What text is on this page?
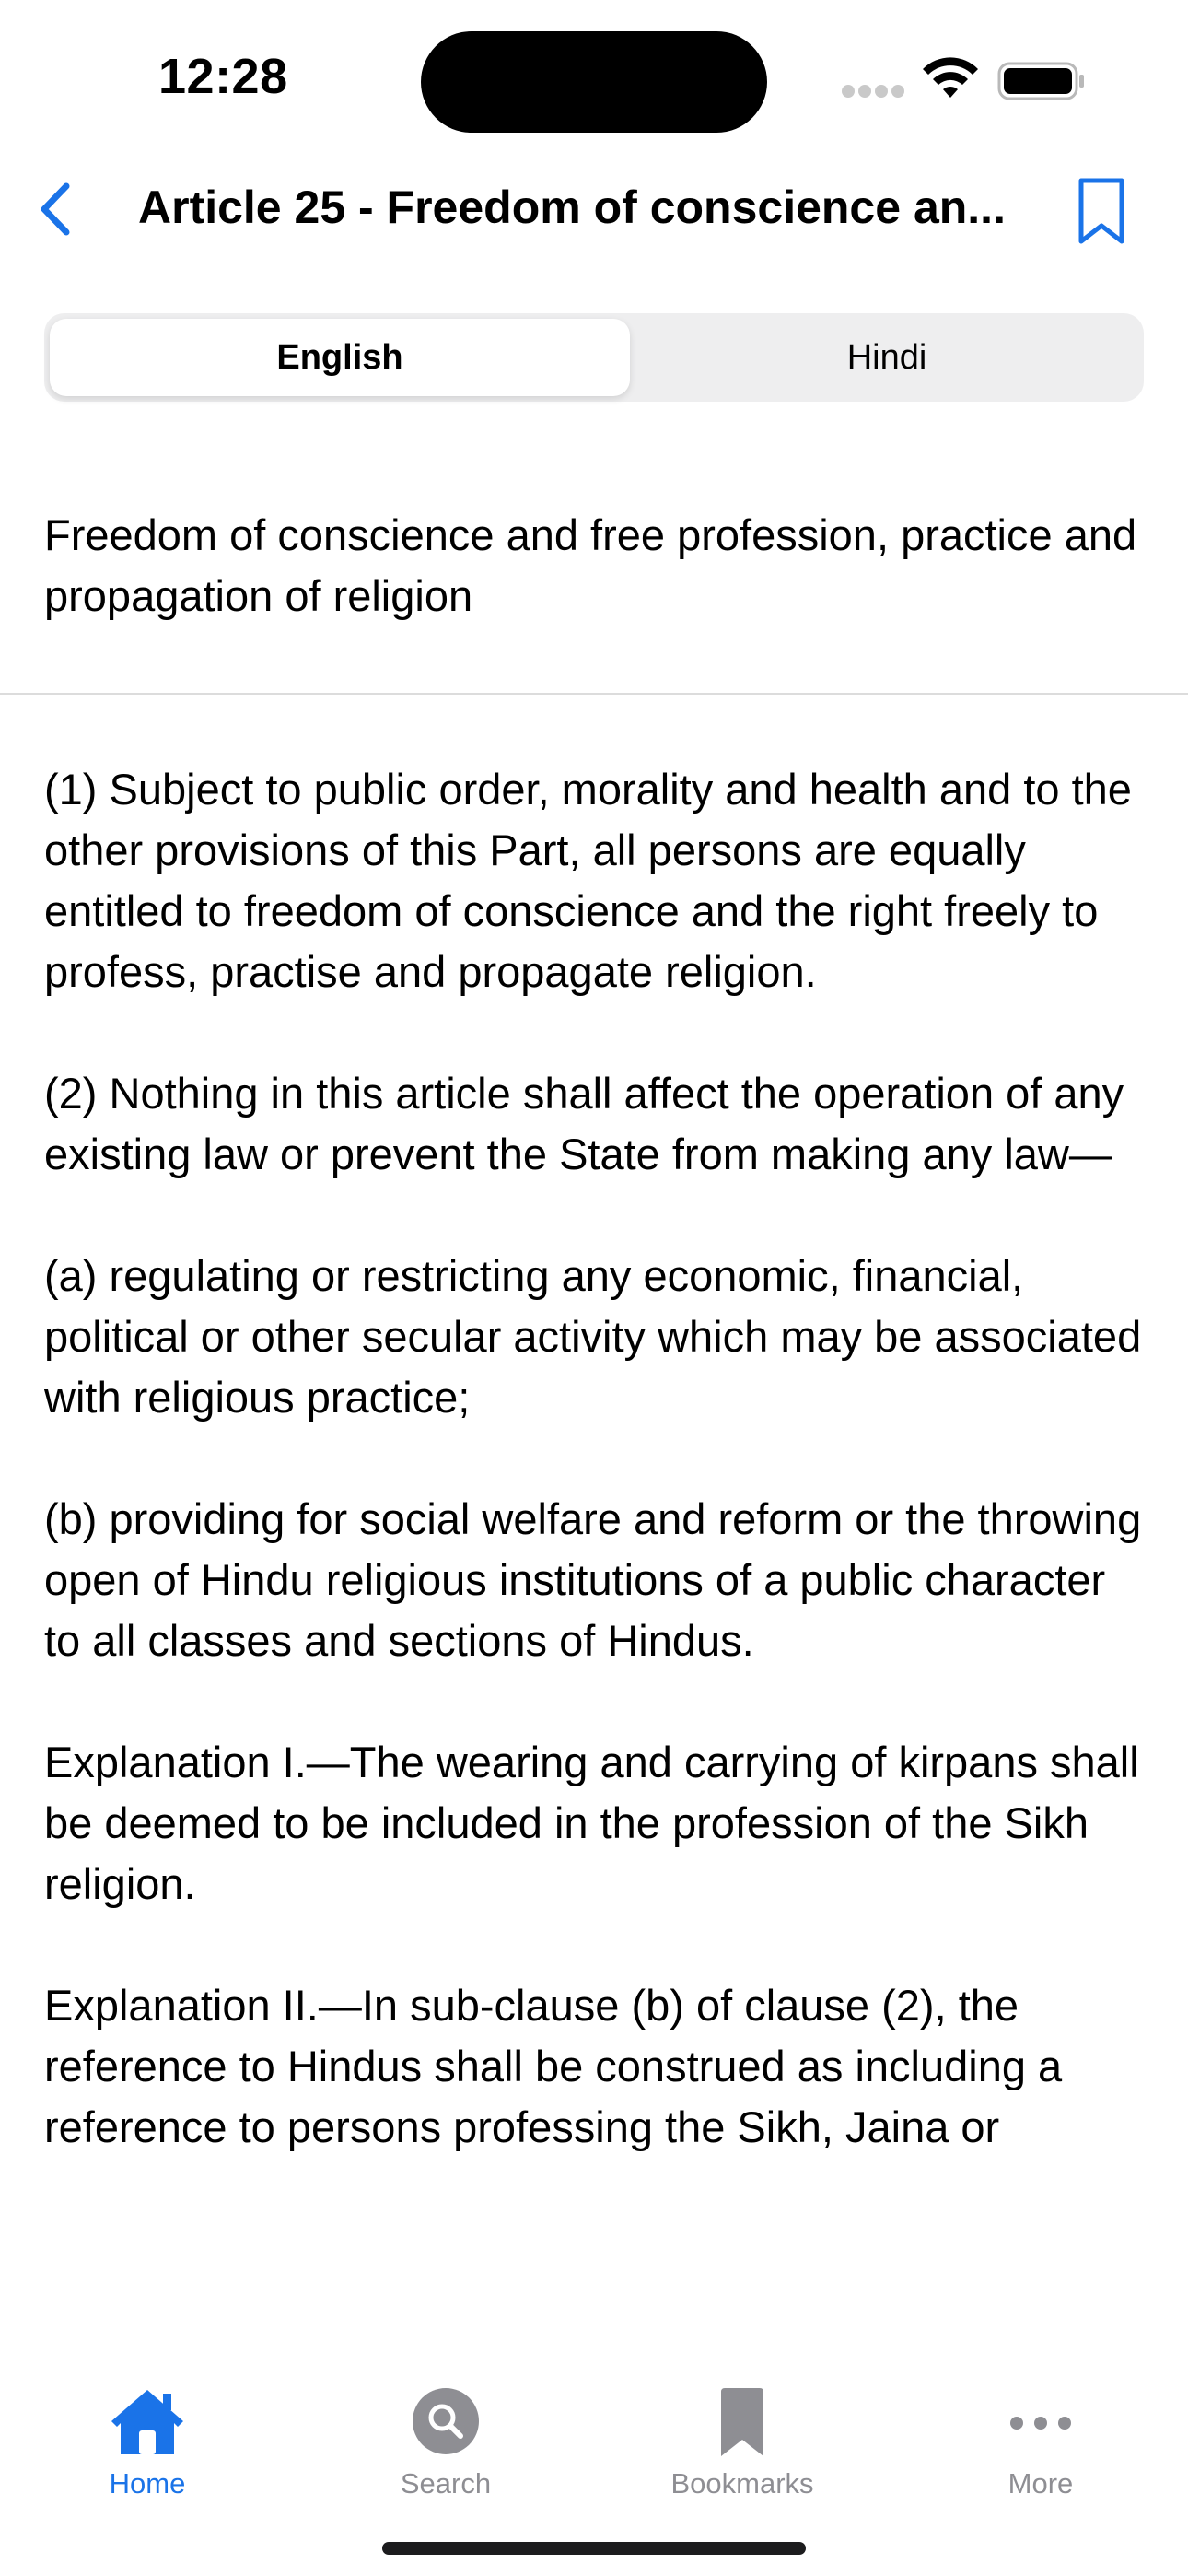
12:28
Article 25 - Freedom of conscience an...
English	Hindi
Freedom of conscience and free profession, practice and propagation of religion

(1) Subject to public order, morality and health and to the other provisions of this Part, all persons are equally entitled to freedom of conscience and the right freely to profess, practise and propagate religion.

(2) Nothing in this article shall affect the operation of any existing law or prevent the State from making any law—

(a) regulating or restricting any economic, financial, political or other secular activity which may be associated with religious practice;

(b) providing for social welfare and reform or the throwing open of Hindu religious institutions of a public character to all classes and sections of Hindus.

Explanation I.—The wearing and carrying of kirpans shall be deemed to be included in the profession of the Sikh religion.

Explanation II.—In sub-clause (b) of clause (2), the reference to Hindus shall be construed as including a reference to persons professing the Sikh, Jaina or

Home	Search	Bookmarks	More
